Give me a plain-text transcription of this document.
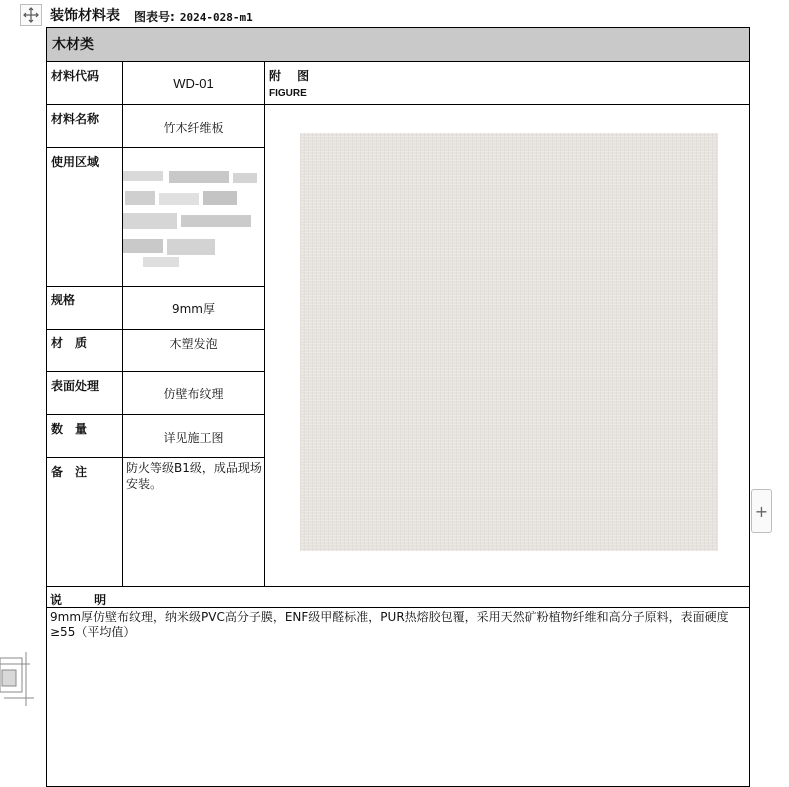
装饰材料表 图表号: 2024-028-m1
木材类
材料代码
材料名称
使用区域
规格
材　质
表面处理
数　量
备　注
WD-01
竹木纤维板
9mm厚
木塑发泡
仿壁布纹理
详见施工图
防火等级B1级，成品现场安装。
附 图
FIGURE
说 明
9mm厚仿壁布纹理，纳米级PVC高分子膜，ENF级甲醛标准，PUR热熔胶包覆，采用天然矿粉植物纤维和高分子原料，表面硬度≥55（平均值）
+
